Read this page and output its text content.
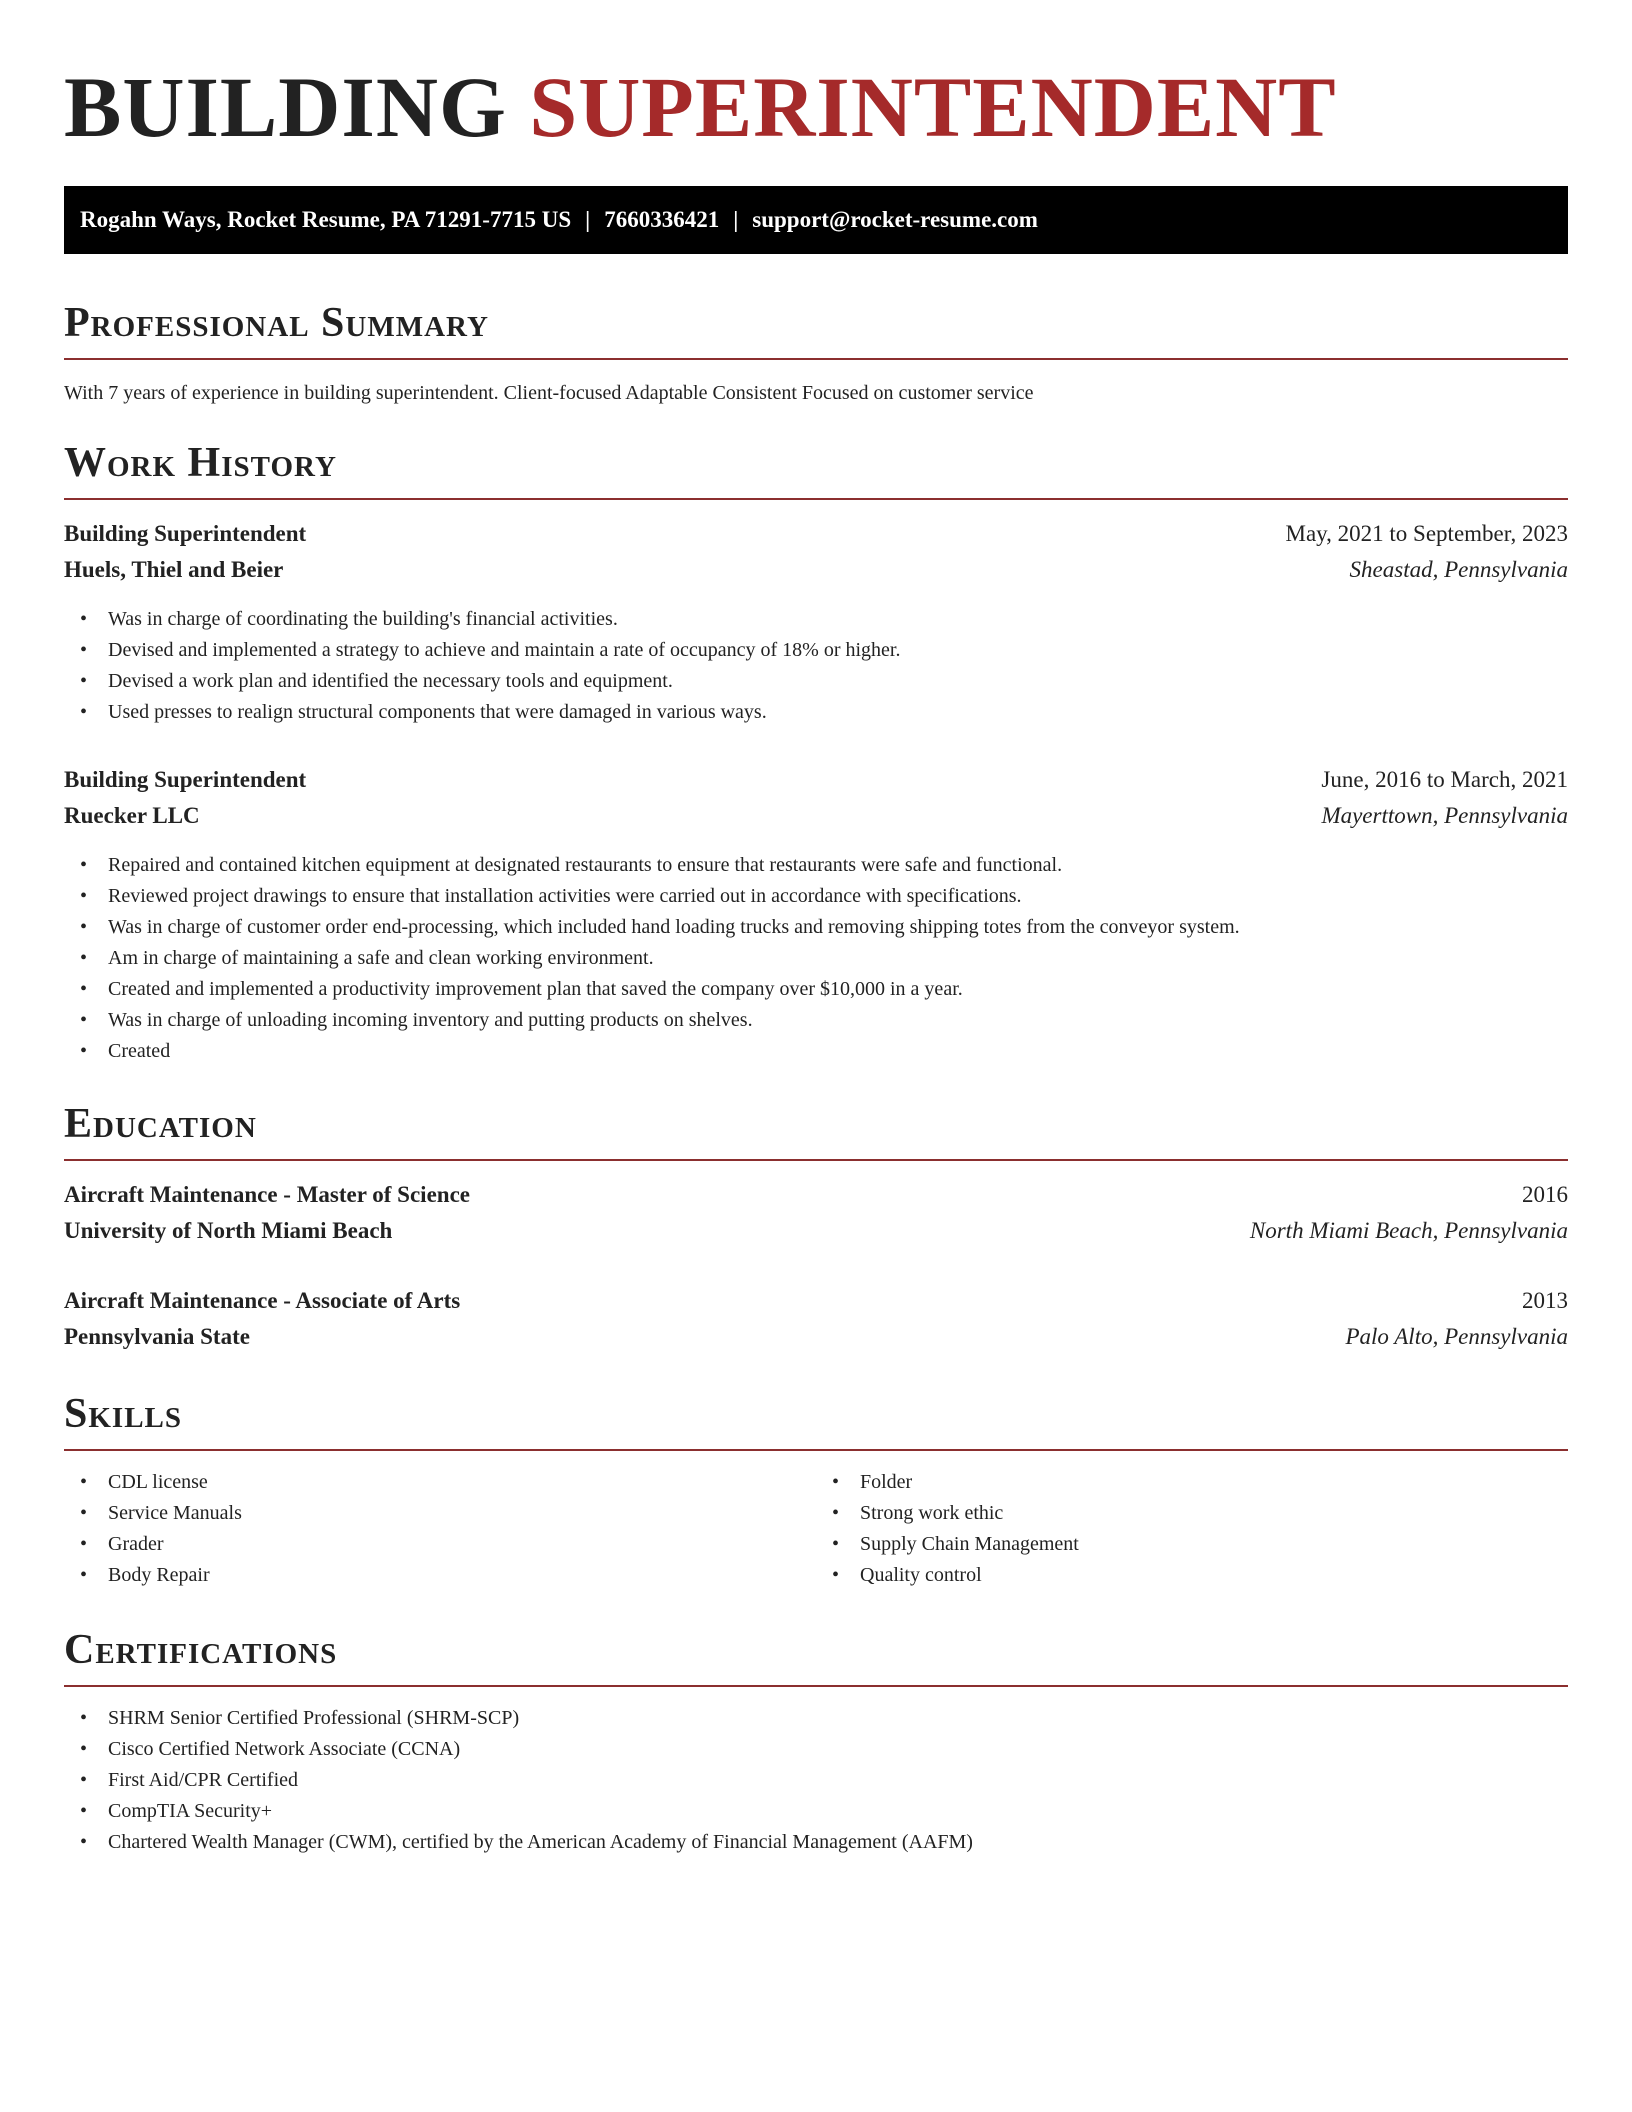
BUILDING SUPERINTENDENT
Rogahn Ways, Rocket Resume, PA 71291-7715 US | 7660336421 | support@rocket-resume.com
Professional Summary
With 7 years of experience in building superintendent. Client-focused Adaptable Consistent Focused on customer service
Work History
Building Superintendent	May, 2021 to September, 2023
Huels, Thiel and Beier	Sheastad, Pennsylvania
• Was in charge of coordinating the building's financial activities.
• Devised and implemented a strategy to achieve and maintain a rate of occupancy of 18% or higher.
• Devised a work plan and identified the necessary tools and equipment.
• Used presses to realign structural components that were damaged in various ways.
Building Superintendent	June, 2016 to March, 2021
Ruecker LLC	Mayerttown, Pennsylvania
• Repaired and contained kitchen equipment at designated restaurants to ensure that restaurants were safe and functional.
• Reviewed project drawings to ensure that installation activities were carried out in accordance with specifications.
• Was in charge of customer order end-processing, which included hand loading trucks and removing shipping totes from the conveyor system.
• Am in charge of maintaining a safe and clean working environment.
• Created and implemented a productivity improvement plan that saved the company over $10,000 in a year.
• Was in charge of unloading incoming inventory and putting products on shelves.
• Created
Education
Aircraft Maintenance - Master of Science	2016
University of North Miami Beach	North Miami Beach, Pennsylvania
Aircraft Maintenance - Associate of Arts	2013
Pennsylvania State	Palo Alto, Pennsylvania
Skills
• CDL license
• Service Manuals
• Grader
• Body Repair
• Folder
• Strong work ethic
• Supply Chain Management
• Quality control
Certifications
• SHRM Senior Certified Professional (SHRM-SCP)
• Cisco Certified Network Associate (CCNA)
• First Aid/CPR Certified
• CompTIA Security+
• Chartered Wealth Manager (CWM), certified by the American Academy of Financial Management (AAFM)
